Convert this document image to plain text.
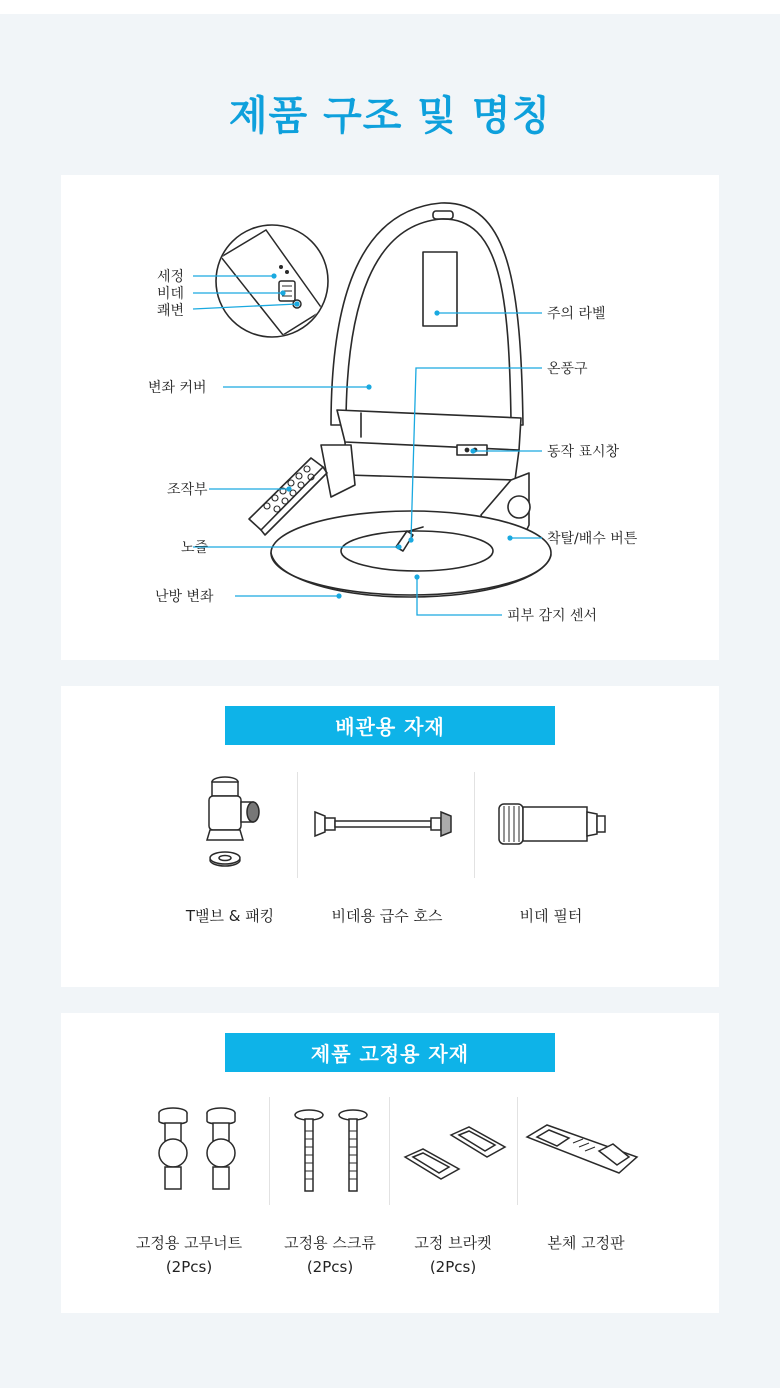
제품 구조 및 명칭
세정
비데
쾌변
변좌 커버
조작부
노즐
난방 변좌
주의 라벨
온풍구
동작 표시창
착탈/배수 버튼
피부 감지 센서
배관용 자재
T밸브 & 패킹	비데용 급수 호스	비데 필터
제품 고정용 자재
고정용 고무너트
(2Pcs)
고정용 스크류
(2Pcs)
고정 브라켓
(2Pcs)
본체 고정판
